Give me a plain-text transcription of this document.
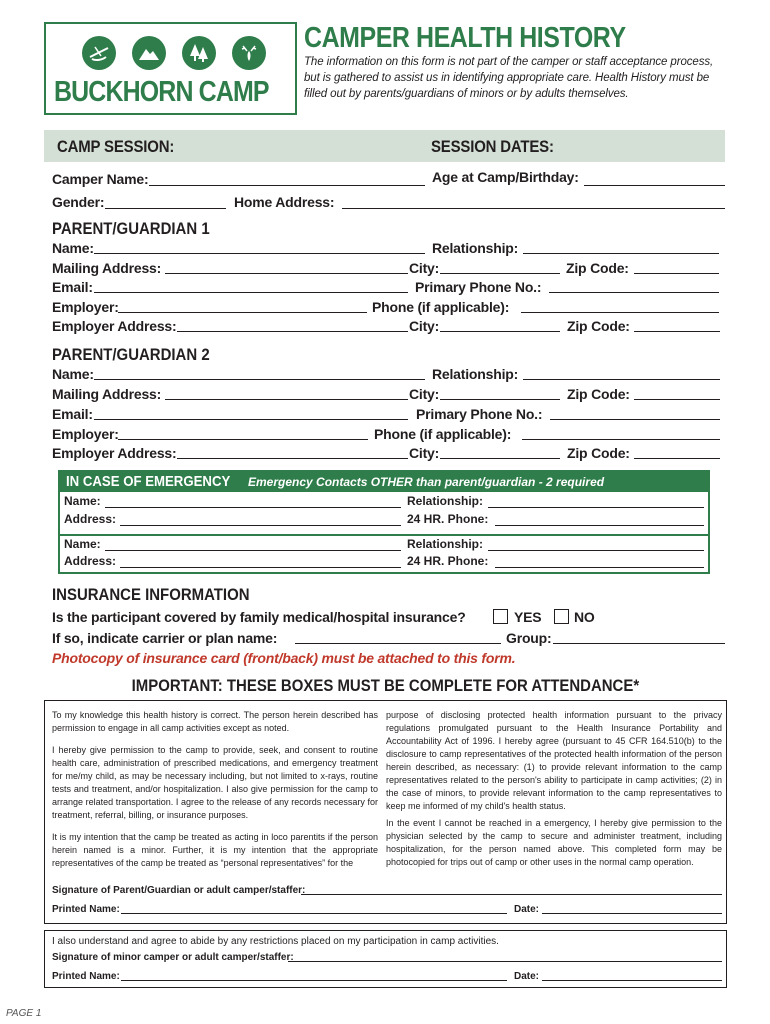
BUCKHORN CAMP
CAMPER HEALTH HISTORY
The information on this form is not part of the camper or staff acceptance process, but is gathered to assist us in identifying appropriate care. Health History must be filled out by parents/guardians of minors or by adults themselves.
CAMP SESSION:	SESSION DATES:
Camper Name:	Age at Camp/Birthday:
Gender:	Home Address:
PARENT/GUARDIAN 1
Name:	Relationship:
Mailing Address:	City:	Zip Code:
Email:	Primary Phone No.:
Employer:	Phone (if applicable):
Employer Address:	City:	Zip Code:
PARENT/GUARDIAN 2
Name:	Relationship:
Mailing Address:	City:	Zip Code:
Email:	Primary Phone No.:
Employer:	Phone (if applicable):
Employer Address:	City:	Zip Code:
IN CASE OF EMERGENCY Emergency Contacts OTHER than parent/guardian - 2 required
Name:	Relationship:
Address:	24 HR. Phone:
Name:	Relationship:
Address:	24 HR. Phone:
INSURANCE INFORMATION
Is the participant covered by family medical/hospital insurance?	YES NO
If so, indicate carrier or plan name:	Group:
Photocopy of insurance card (front/back) must be attached to this form.
IMPORTANT: THESE BOXES MUST BE COMPLETE FOR ATTENDANCE*
To my knowledge this health history is correct. The person herein described has permission to engage in all camp activities except as noted.
I hereby give permission to the camp to provide, seek, and consent to routine health care, administration of prescribed medications, and emergency treatment for me/my child, as may be necessary including, but not limited to x-rays, routine tests and treatment, and/or hospitalization. I also give permission for the camp to arrange related transportation. I agree to the release of any records necessary for treatment, referral, billing, or insurance purposes.
It is my intention that the camp be treated as acting in loco parentits if the person herein named is a minor. Further, it is my intention that the appropriate representatives of the camp be treated as “personal representatives” for the
purpose of disclosing protected health information pursuant to the privacy regulations promulgated pursuant to the Health Insurance Portability and Accountability Act of 1996. I hereby agree (pursuant to 45 CFR 164.510(b) to the disclosure to camp representatives of the protected health information of the person herein described, as necessary: (1) to provide relevant information to the camp representatives related to the person's ability to participate in camp activities; (2) in the case of minors, to provide relevant information to the camp representatives to keep me informed of my child's health status.
In the event I cannot be reached in a emergency, I hereby give permission to the physician selected by the camp to secure and administer treatment, including hospitalization, for the person named above. This completed form may be photocopied for trips out of camp or other uses in the normal camp operation.
Signature of Parent/Guardian or adult camper/staffer:
Printed Name:	Date:
I also understand and agree to abide by any restrictions placed on my participation in camp activities.
Signature of minor camper or adult camper/staffer:
Printed Name:	Date:
PAGE 1
